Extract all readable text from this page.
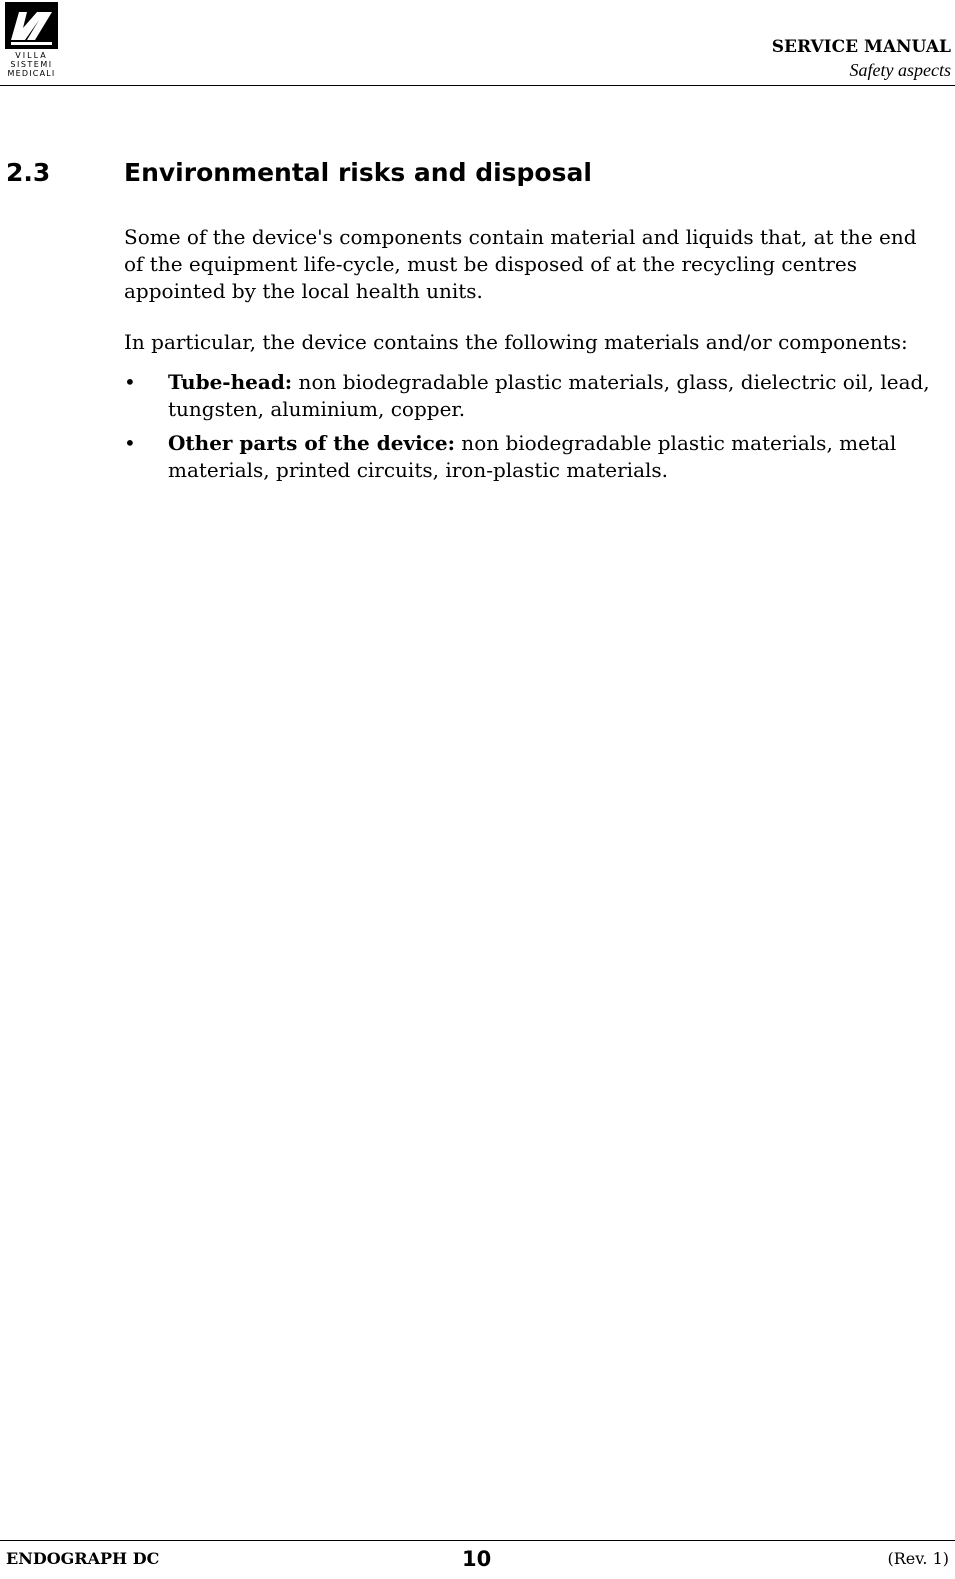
VILLA
SISTEMI
MEDICALI
SERVICE MANUAL
Safety aspects
2.3	Environmental risks and disposal

Some of the device's components contain material and liquids that, at the end of the equipment life-cycle, must be disposed of at the recycling centres appointed by the local health units.

In particular, the device contains the following materials and/or components:

• Tube-head: non biodegradable plastic materials, glass, dielectric oil, lead, tungsten, aluminium, copper.
• Other parts of the device: non biodegradable plastic materials, metal materials, printed circuits, iron-plastic materials.
ENDOGRAPH DC	10	(Rev. 1)
